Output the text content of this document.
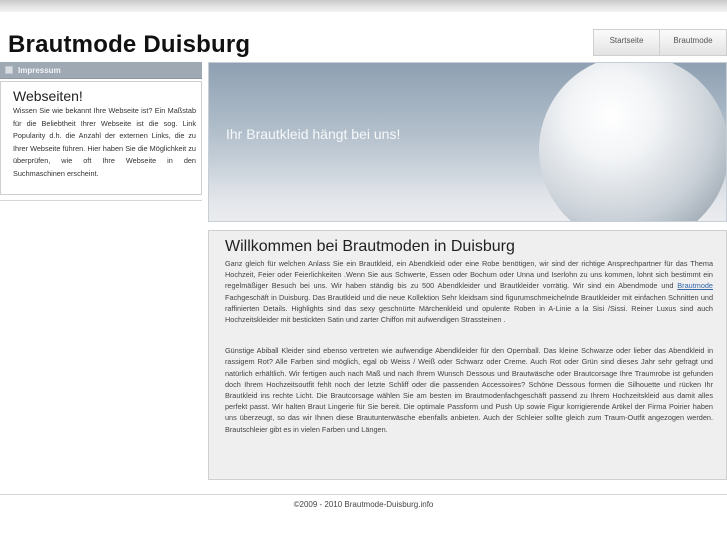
Brautmode Duisburg	Startseite	Brautmode
Impressum
Webseiten!

Wissen Sie wie bekannt Ihre Webseite ist? Ein Maßstab für die Beliebtheit Ihrer Webseite ist die sog. Link Popularity d.h. die Anzahl der externen Links, die zu Ihrer Webseite führen. Hier haben Sie die Möglichkeit zu überprüfen, wie oft Ihre Webseite in den Suchmaschinen erscheint.

Ihr Brautkleid hängt bei uns!
Willkommen bei Brautmoden in Duisburg

Ganz gleich für welchen Anlass Sie ein Brautkleid, ein Abendkleid oder eine Robe benötigen, wir sind der richtige Ansprechpartner für das Thema Hochzeit, Feier oder Feierlichkeiten .Wenn Sie aus Schwerte, Essen oder Bochum oder Unna und Iserlohn zu uns kommen, lohnt sich bestimmt ein regelmäßiger Besuch bei uns. Wir haben ständig bis zu 500 Abendkleider und Brautkleider vorrätig. Wir sind ein Abendmode und Brautmode Fachgeschäft in Duisburg. Das Brautkleid und die neue Kollektion Sehr kleidsam sind figurumschmeichelnde Brautkleider mit einfachen Schnitten und raffinierten Details. Highlights sind das sexy geschnürte Märchenkleid und opulente Roben in A-Linie a la Sisi /Sissi. Reiner Luxus sind auch Hochzeitskleider mit bestickten Satin und zarter Chiffon mit aufwendigen Strassteinen .

Günstige Abiball Kleider sind ebenso vertreten wie aufwendige Abendkleider für den Opernball. Das kleine Schwarze oder lieber das Abendkleid in rassigem Rot? Alle Farben sind möglich, egal ob Weiss / Weiß oder Schwarz oder Creme. Auch Rot oder Grün sind dieses Jahr sehr gefragt und natürlich erhältlich. Wir fertigen auch nach Maß und nach Ihrem Wunsch Dessous und Brautwäsche oder Brautcorsage Ihre Traumrobe ist gefunden doch Ihrem Hochzeitsoutfit fehlt noch der letzte Schliff oder die passenden Accessoires? Schöne Dessous formen die Silhouette und rücken Ihr Brautkleid ins rechte Licht. Die Brautcorsage wählen Sie am besten im Brautmodenfachgeschäft passend zu Ihrem Hochzeitskleid aus damit alles perfekt passt. Wir halten Braut Lingerie für Sie bereit. Die optimale Passform und Push Up sowie Figur korrigierende Artikel der Firma Poirier haben uns überzeugt, so das wir Ihnen diese Brautunterwäsche ebenfalls anbieten. Auch der Schleier sollte gleich zum Traum-Outfit angezogen werden. Brautschleier gibt es in vielen Farben und Längen.

©2009 - 2010 Brautmode-Duisburg.info
